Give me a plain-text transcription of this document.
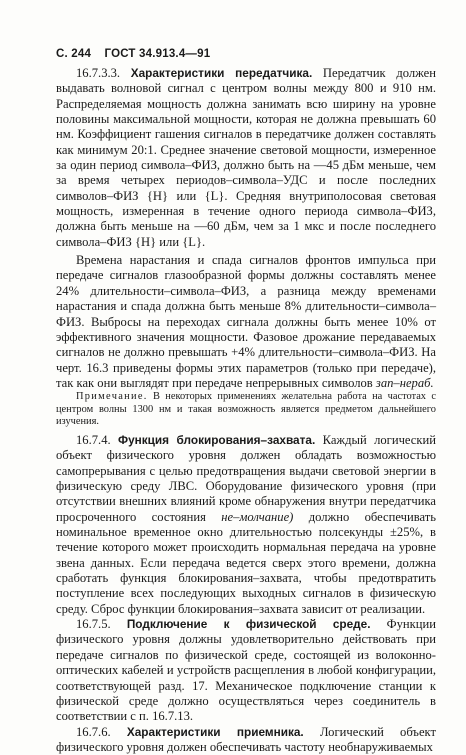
С. 244 ГОСТ 34.913.4—91

16.7.3.3. Характеристики передатчика. Передатчик должен выдавать волновой сигнал с центром волны между 800 и 910 нм. Распределяемая мощность должна занимать всю ширину на уровне половины максимальной мощности, которая не должна превышать 60 нм. Коэффициент гашения сигналов в передатчике должен составлять как минимум 20:1. Среднее значение световой мощности, измеренное за один период символа–ФИЗ, должно быть на —45 дБм меньше, чем за время четырех периодов–символа–УДС и после последних символов–ФИЗ {Н} или {L}. Средняя внутриполосовая световая мощность, измеренная в течение одного периода символа–ФИЗ, должна быть меньше на —60 дБм, чем за 1 мкс и после последнего символа–ФИЗ {Н} или {L}.

Времена нарастания и спада сигналов фронтов импульса при передаче сигналов глазообразной формы должны составлять менее 24% длительности–символа–ФИЗ, а разница между временами нарастания и спада должна быть меньше 8% длительности–символа–ФИЗ. Выбросы на переходах сигнала должны быть менее 10% от эффективного значения мощности. Фазовое дрожание передаваемых сигналов не должно превышать +4% длительности–символа–ФИЗ. На черт. 16.3 приведены формы этих параметров (только при передаче), так как они выглядят при передаче непрерывных символов зап–нераб.

Примечание. В некоторых применениях желательна работа на частотах с центром волны 1300 нм и такая возможность является предметом дальнейшего изучения.

16.7.4. Функция блокирования–захвата. Каждый логический объект физического уровня должен обладать возможностью самопрерывания с целью предотвращения выдачи световой энергии в физическую среду ЛВС. Оборудование физического уровня (при отсутствии внешних влияний кроме обнаружения внутри передатчика просроченного состояния не–молчание) должно обеспечивать номинальное временное окно длительностью полсекунды ±25%, в течение которого может происходить нормальная передача на уровне звена данных. Если передача ведется сверх этого времени, должна сработать функция блокирования–захвата, чтобы предотвратить поступление всех последующих выходных сигналов в физическую среду. Сброс функции блокирования–захвата зависит от реализации.

16.7.5. Подключение к физической среде. Функции физического уровня должны удовлетворительно действовать при передаче сигналов по физической среде, состоящей из волоконно-оптических кабелей и устройств расщепления в любой конфигурации, соответствующей разд. 17. Механическое подключение станции к физической среде должно осуществляться через соединитель в соответствии с п. 16.7.13.

16.7.6. Характеристики приемника. Логический объект физического уровня должен обеспечивать частоту необнаруживаемых
